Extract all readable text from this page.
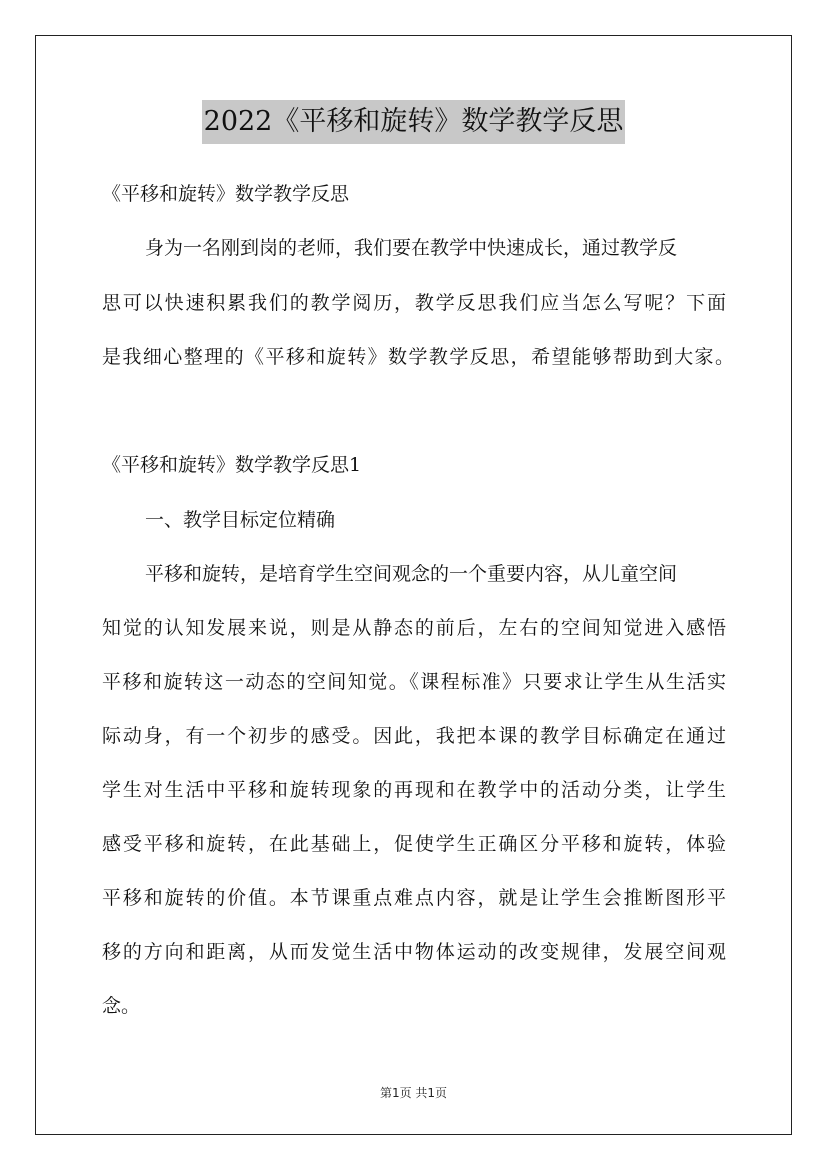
2022《平移和旋转》数学教学反思
《平移和旋转》数学教学反思
身为一名刚到岗的老师，我们要在教学中快速成长，通过教学反
思可以快速积累我们的教学阅历，教学反思我们应当怎么写呢？下面
是我细心整理的《平移和旋转》数学教学反思，希望能够帮助到大家。
《平移和旋转》数学教学反思1
一、教学目标定位精确
平移和旋转，是培育学生空间观念的一个重要内容，从儿童空间
知觉的认知发展来说，则是从静态的前后，左右的空间知觉进入感悟
平移和旋转这一动态的空间知觉。《课程标准》只要求让学生从生活实
际动身，有一个初步的感受。因此，我把本课的教学目标确定在通过
学生对生活中平移和旋转现象的再现和在教学中的活动分类，让学生
感受平移和旋转，在此基础上，促使学生正确区分平移和旋转，体验
平移和旋转的价值。本节课重点难点内容，就是让学生会推断图形平
移的方向和距离，从而发觉生活中物体运动的改变规律，发展空间观
念。
第1页 共1页
